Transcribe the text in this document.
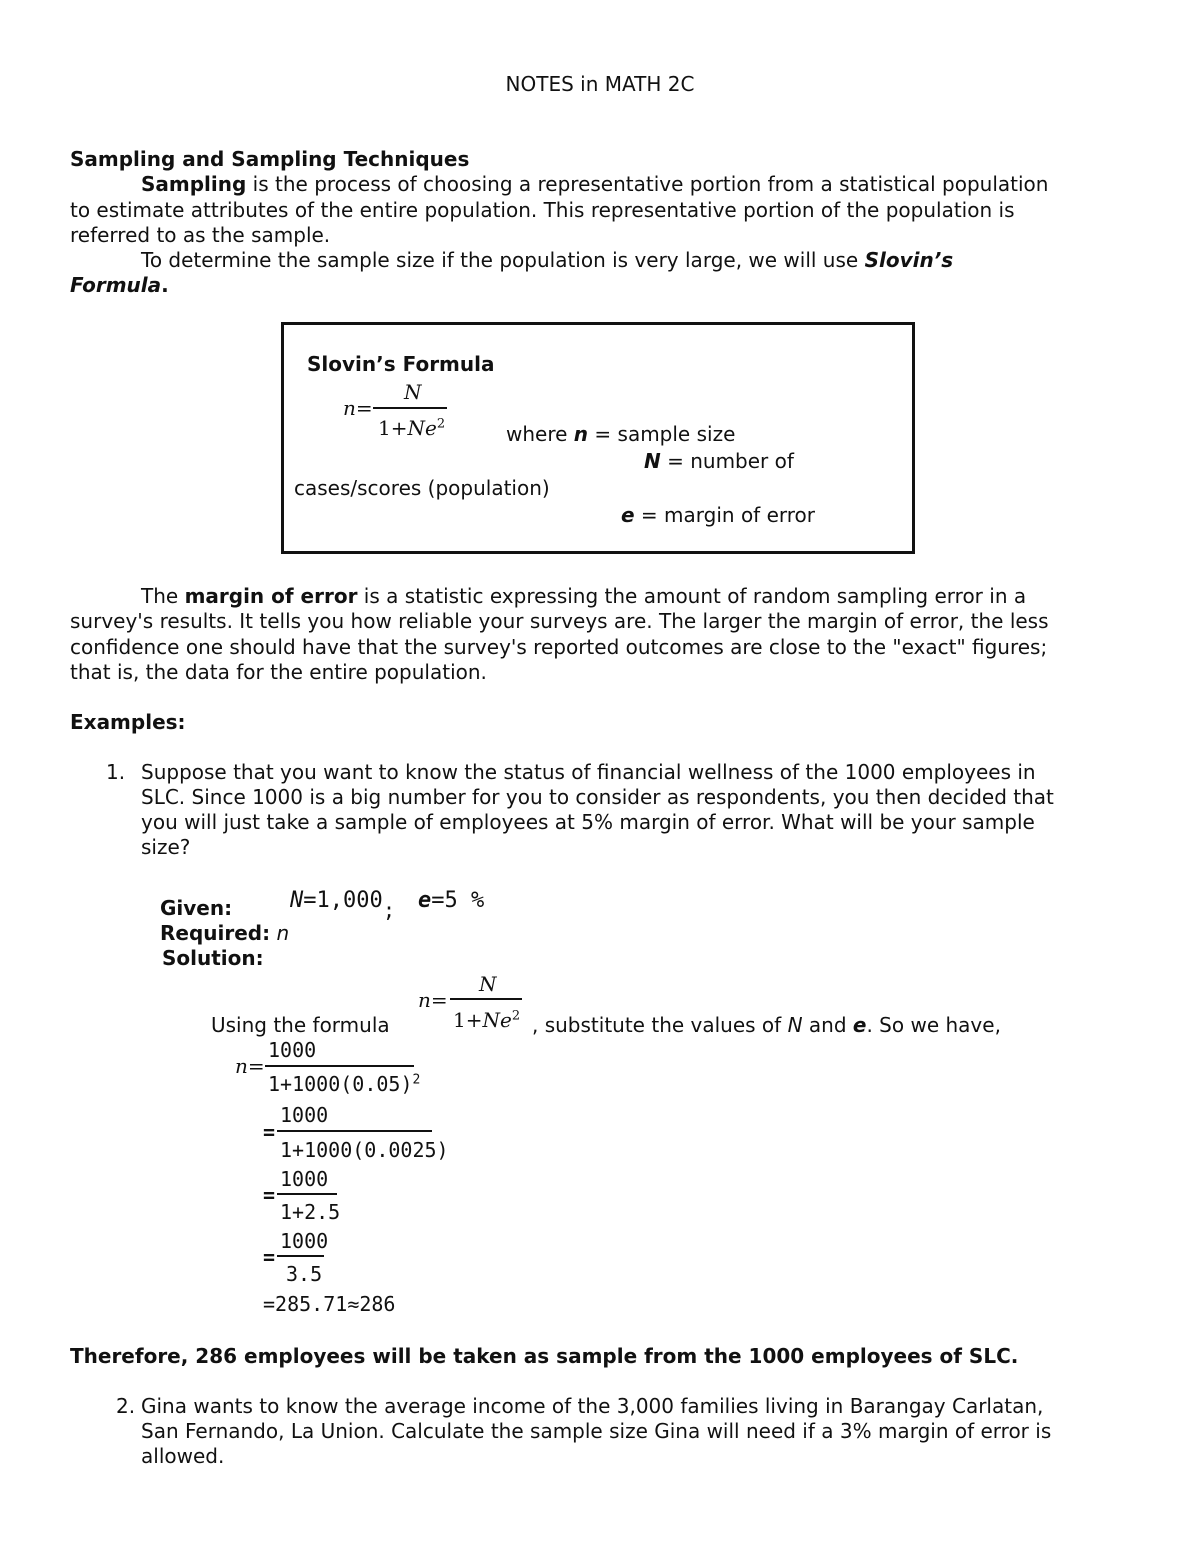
NOTES in MATH 2C
Sampling and Sampling Techniques
Sampling is the process of choosing a representative portion from a statistical population
to estimate attributes of the entire population. This representative portion of the population is
referred to as the sample.
To determine the sample size if the population is very large, we will use Slovin’s
Formula.
Slovin’s Formula
n=
N
$1+Ne^2$	where n = sample size
N = number of
cases/scores (population)
e = margin of error
The margin of error is a statistic expressing the amount of random sampling error in a
survey's results. It tells you how reliable your surveys are. The larger the margin of error, the less
confidence one should have that the survey's reported outcomes are close to the "exact" figures;
that is, the data for the entire population.
Examples:
1. Suppose that you want to know the status of financial wellness of the 1000 employees in
SLC. Since 1000 is a big number for you to consider as respondents, you then decided that
you will just take a sample of employees at 5% margin of error. What will be your sample
size?
Given:	N=1,000 ; e=5 %
Required: n
Solution:
Using the formula
n=
N
$1+Ne^2$ , substitute the values of N and e. So we have,
n=
1000
$1+1000(0.05)^2$
=
1000
1+1000(0.0025)
=
1000
1+2.5
=
1000
3.5
=285.71≈286
Therefore, 286 employees will be taken as sample from the 1000 employees of SLC.
2. Gina wants to know the average income of the 3,000 families living in Barangay Carlatan,
San Fernando, La Union. Calculate the sample size Gina will need if a 3% margin of error is
allowed.
